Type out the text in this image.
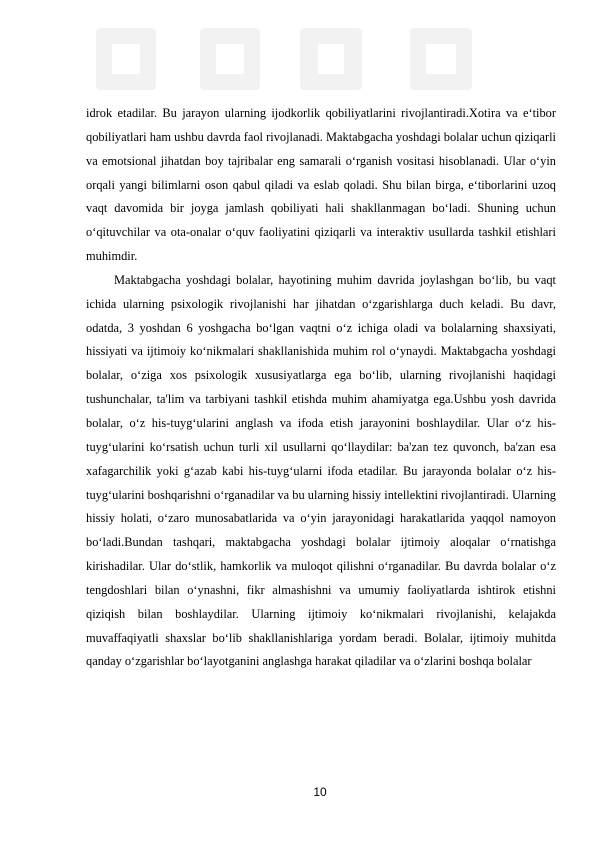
idrok etadilar. Bu jarayon ularning ijodkorlik qobiliyatlarini rivojlantiradi.Xotira va e‘tibor qobiliyatlari ham ushbu davrda faol rivojlanadi. Maktabgacha yoshdagi bolalar uchun qiziqarli va emotsional jihatdan boy tajribalar eng samarali o‘rganish vositasi hisoblanadi. Ular o‘yin orqali yangi bilimlarni oson qabul qiladi va eslab qoladi. Shu bilan birga, e‘tiborlarini uzoq vaqt davomida bir joyga jamlash qobiliyati hali shakllanmagan bo‘ladi. Shuning uchun o‘qituvchilar va ota-onalar o‘quv faoliyatini qiziqarli va interaktiv usullarda tashkil etishlari muhimdir.

Maktabgacha yoshdagi bolalar, hayotining muhim davrida joylashgan bo‘lib, bu vaqt ichida ularning psixologik rivojlanishi har jihatdan o‘zgarishlarga duch keladi. Bu davr, odatda, 3 yoshdan 6 yoshgacha bo‘lgan vaqtni o‘z ichiga oladi va bolalarning shaxsiyati, hissiyati va ijtimoiy ko‘nikmalari shakllanishida muhim rol o‘ynaydi. Maktabgacha yoshdagi bolalar, o‘ziga xos psixologik xususiyatlarga ega bo‘lib, ularning rivojlanishi haqidagi tushunchalar, ta'lim va tarbiyani tashkil etishda muhim ahamiyatga ega.Ushbu yosh davrida bolalar, o‘z his-tuyg‘ularini anglash va ifoda etish jarayonini boshlaydilar. Ular o‘z his-tuyg‘ularini ko‘rsatish uchun turli xil usullarni qo‘llaydilar: ba'zan tez quvonch, ba'zan esa xafagarchilik yoki g‘azab kabi his-tuyg‘ularni ifoda etadilar. Bu jarayonda bolalar o‘z his-tuyg‘ularini boshqarishni o‘rganadilar va bu ularning hissiy intellektini rivojlantiradi. Ularning hissiy holati, o‘zaro munosabatlarida va o‘yin jarayonidagi harakatlarida yaqqol namoyon bo‘ladi.Bundan tashqari, maktabgacha yoshdagi bolalar ijtimoiy aloqalar o‘rnatishga kirishadilar. Ular do‘stlik, hamkorlik va muloqot qilishni o‘rganadilar. Bu davrda bolalar o‘z tengdoshlari bilan o‘ynashni, fikr almashishni va umumiy faoliyatlarda ishtirok etishni qiziqish bilan boshlaydilar. Ularning ijtimoiy ko‘nikmalari rivojlanishi, kelajakda muvaffaqiyatli shaxslar bo‘lib shakllanishlariga yordam beradi. Bolalar, ijtimoiy muhitda qanday o‘zgarishlar bo‘layotganini anglashga harakat qiladilar va o‘zlarini boshqa bolalar

10
